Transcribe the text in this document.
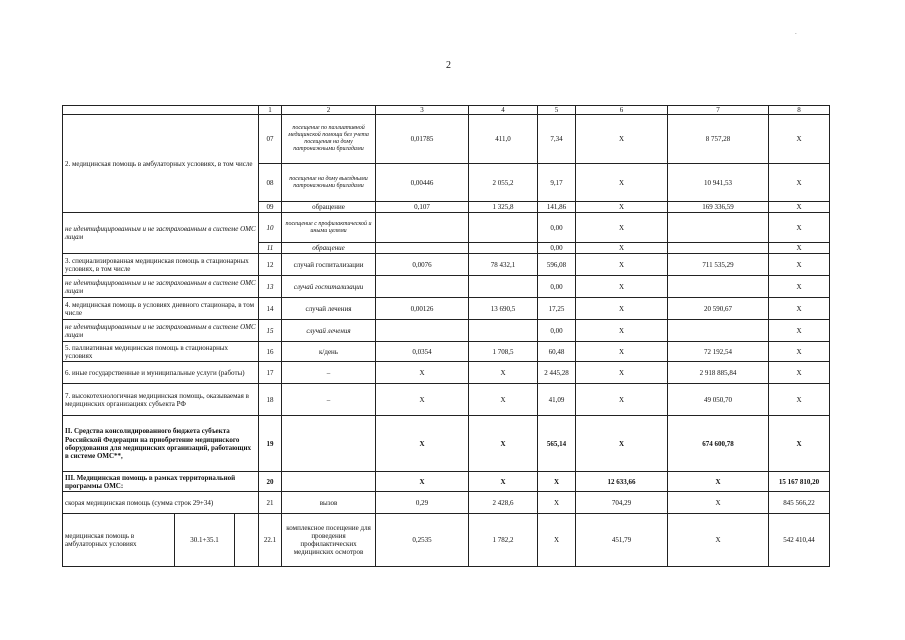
2
.
			1	2	3	4	5	6	7	8	
2. медицинская помощь в амбулаторных условиях, в том числе			07	посещение по паллиативной медицинской помощи без учета посещения на дому патронажными бригадами	0,01785	411,0	7,34	X	8 757,28	X	
			08	посещение на дому выездными патронажными бригадами	0,00446	2 055,2	9,17	X	10 941,53	X	
			09	обращение	0,107	1 325,8	141,86	X	169 336,59	X	
не идентифицированным и не застрахованным в системе ОМС лицам			10	посещение с профилактической и иными целями			0,00	X		X	
			11	обращение			0,00	X		X	
3. специализированная медицинская помощь в стационарных условиях, в том числе			12	случай госпитализации	0,0076	78 432,1	596,08	X	711 535,29	X	
не идентифицированным и не застрахованным в системе ОМС лицам			13	случай госпитализации			0,00	X		X	
4. медицинская помощь в условиях дневного стационара, в том числе			14	случай лечения	0,00126	13 690,5	17,25	X	20 590,67	X	
не идентифицированным и не застрахованным в системе ОМС лицам			15	случай лечения			0,00	X		X	
5. паллиативная медицинская помощь в стационарных условиях			16	к/день	0,0354	1 708,5	60,48	X	72 192,54	X	
6. иные государственные и муниципальные услуги (работы)			17	–	X	X	2 445,28	X	2 918 885,84	X	
7. высокотехнологичная медицинская помощь, оказываемая в медицинских организациях субъекта РФ			18	–	X	X	41,09	X	49 050,70	X	
II. Средства консолидированного бюджета субъекта Российской Федерации на приобретение медицинского оборудования для медицинских организаций, работающих в системе ОМС**,			19		X	X	565,14	X	674 600,78	X	
III. Медицинская помощь в рамках территориальной программы ОМС:			20		X	X	X	12 633,66	X	15 167 810,20	
скорая медицинская помощь (сумма строк 29+34)			21	вызов	0,29	2 428,6	X	704,29	X	845 566,22	
медицинская помощь в амбулаторных условиях	30.1+35.1		22.1	комплексное посещение для проведения профилактических медицинских осмотров	0,2535	1 782,2	X	451,79	X	542 410,44	
